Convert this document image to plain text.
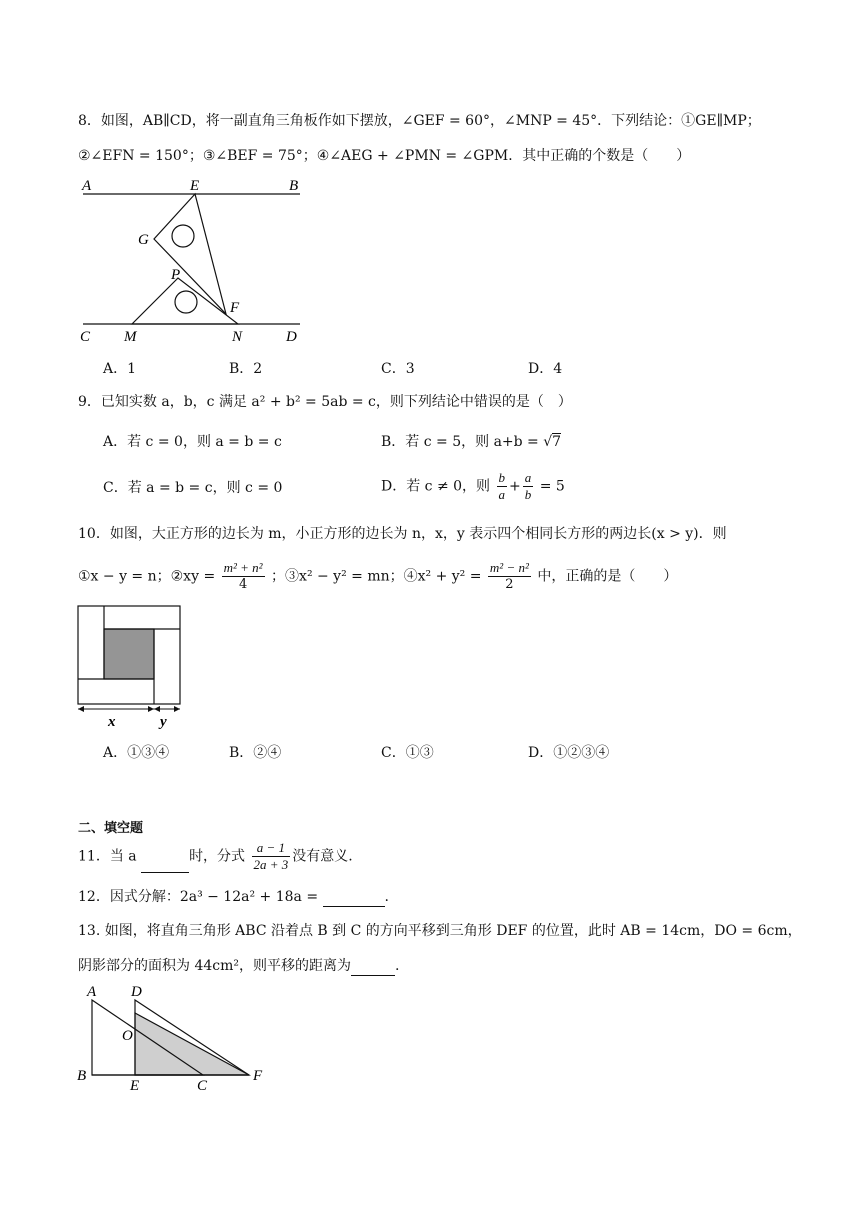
8．如图，AB∥CD，将一副直角三角板作如下摆放，∠GEF = 60°，∠MNP = 45°．下列结论：①GE∥MP；
②∠EFN = 150°；③∠BEF = 75°；④∠AEG + ∠PMN = ∠GPM．其中正确的个数是（　　）
A	E	B
G
P
F
C M	N	D
A．1	B．2	C．3	D．4
9．已知实数 a，b，c 满足 a² + b² = 5ab = c，则下列结论中错误的是（　）
A．若 c = 0，则 a = b = c	B．若 c = 5，则 a+b = √7
C．若 a = b = c，则 c = 0	D．若 c ≠ 0，则 $\frac{b}{a} + \frac{a}{b} = 5$
10．如图，大正方形的边长为 m，小正方形的边长为 n，x，y 表示四个相同长方形的两边长(x > y)．则
①x − y = n；②xy = $\frac{\text{m² + n²}}{4}$ ；③x² − y² = mn；④x² + $y^2 = \frac{\text{m² − n²}}{2}$ 中，正确的是（　　）
x	y
A．①③④	B．②④	C．①③	D．①②③④
二、填空题
11．当 a	时，分式 $\frac{a - 1}{2a + 3}$ 没有意义.
12．因式分解：2a³ − 12a² + 18a =	.
13. 如图，将直角三角形 ABC 沿着点 B 到 C 的方向平移到三角形 DEF 的位置，此时 AB = 14cm，DO = 6cm，
阴影部分的面积为 44cm²，则平移的距离为	.
A D
O
B
E	C
F
